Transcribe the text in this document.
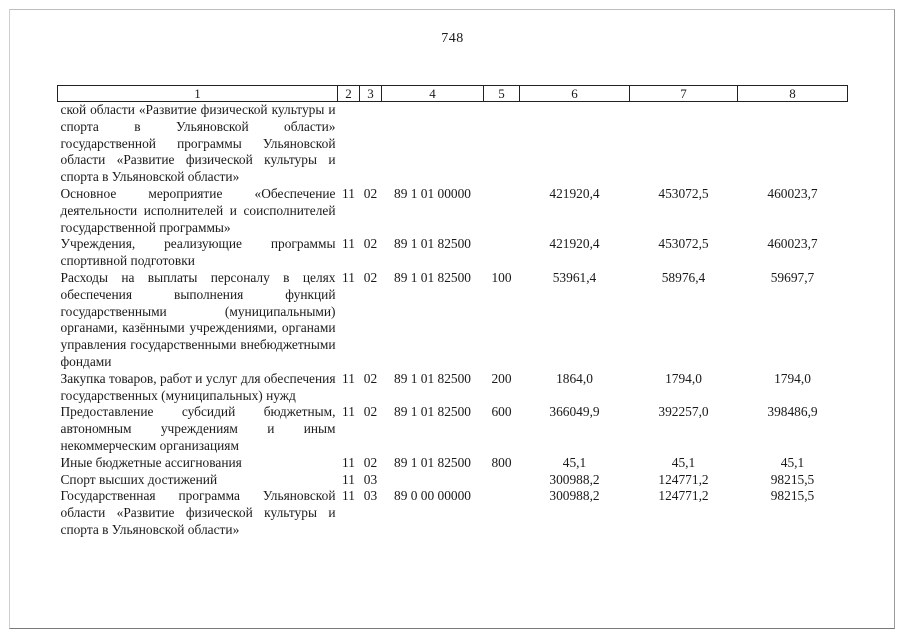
748
1	2	3	4	5	6	7	8
ской области «Развитие физической культуры и спорта в Ульяновской области» государственной программы Ульяновской области «Развитие физической культуры и спорта в Ульяновской области»							
Основное мероприятие «Обеспечение деятельности исполнителей и соисполнителей государственной программы»	11	02	89 1 01 00000		421920,4	453072,5	460023,7
Учреждения, реализующие программы спортивной подготовки	11	02	89 1 01 82500		421920,4	453072,5	460023,7
Расходы на выплаты персоналу в целях обеспечения выполнения функций государственными (муниципальными) органами, казёнными учреждениями, органами управления государственными внебюджетными фондами	11	02	89 1 01 82500	100	53961,4	58976,4	59697,7
Закупка товаров, работ и услуг для обеспечения государственных (муниципальных) нужд	11	02	89 1 01 82500	200	1864,0	1794,0	1794,0
Предоставление субсидий бюджетным, автономным учреждениям и иным некоммерческим организациям	11	02	89 1 01 82500	600	366049,9	392257,0	398486,9
Иные бюджетные ассигнования	11	02	89 1 01 82500	800	45,1	45,1	45,1
Спорт высших достижений	11	03			300988,2	124771,2	98215,5
Государственная программа Ульяновской области «Развитие физической культуры и спорта в Ульяновской области»	11	03	89 0 00 00000		300988,2	124771,2	98215,5
